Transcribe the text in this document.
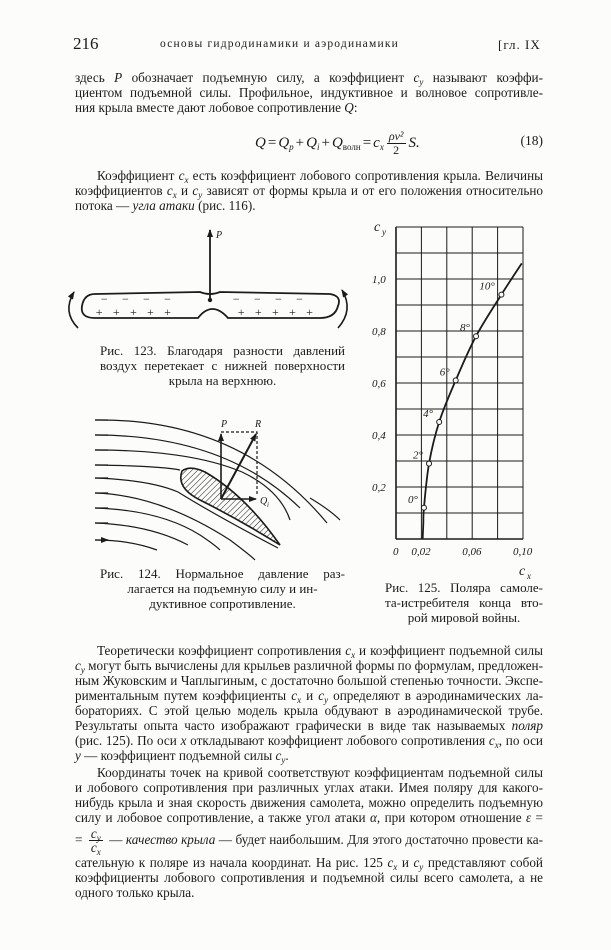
216	основы гидродинамики и аэродинамики	[гл. IX
здесь P обозначает подъемную силу, а коэффициент $c_y$ называют коэффи-
циентом подъемной силы. Профильное, индуктивное и волновое сопротивле-
ния крыла вместе дают лобовое сопротивление Q:
$Q = Q_p + Q_i + Q_{волн} = c_x \frac{\text{ρv²}}{2} S$.	(18)
Коэффициент $c_x$ есть коэффициент лобового сопротивления крыла. Величины
коэффициентов $c_x$ и $c_y$ зависят от формы крыла и от его положения относительно
потока — угла атаки (рис. 116).
P
− − − −	− − − −
+ + + + +	+ + + + +
P	R
Q i
Рис. 123. Благодаря разности давлений
воздух перетекает с нижней поверхности
крыла на верхнюю.
Рис. 124. Нормальное давление раз-
лагается на подъемную силу и ин-
дуктивное сопротивление.
Рис. 125. Поляра самоле-
та-истребителя конца вто-
рой мировой войны.
0,2
0,4
0,6
0,8
1,0
0 0,02	0,06	0,10
c y
c x
0°
2°
4°
6°
8°
10°
Теоретически коэффициент сопротивления $c_x$ и коэффициент подъемной силы
$c_y$ могут быть вычислены для крыльев различной формы по формулам, предложен-
ным Жуковским и Чаплыгиным, с достаточно большой степенью точности. Экспе-
риментальным путем коэффициенты $c_x$ и $c_y$ определяют в аэродинамических ла-
бораториях. С этой целью модель крыла обдувают в аэродинамической трубе.
Результаты опыта часто изображают графически в виде так называемых поляр
(рис. 125). По оси x откладывают коэффициент лобового сопротивления $c_x$, по оси
y — коэффициент подъемной силы $c_y$.
Координаты точек на кривой соответствуют коэффициентам подъемной силы
и лобового сопротивления при различных углах атаки. Имея поляру для какого-
нибудь крыла и зная скорость движения самолета, можно определить подъемную
силу и лобовое сопротивление, а также угол атаки α, при котором отношение ε =
= $\frac{c_y}{c_x}$ — качество крыла — будет наибольшим. Для этого достаточно провести ка-
сательную к поляре из начала координат. На рис. 125 $c_x$ и $c_y$ представляют собой
коэффициенты лобового сопротивления и подъемной силы всего самолета, а не
одного только крыла.
